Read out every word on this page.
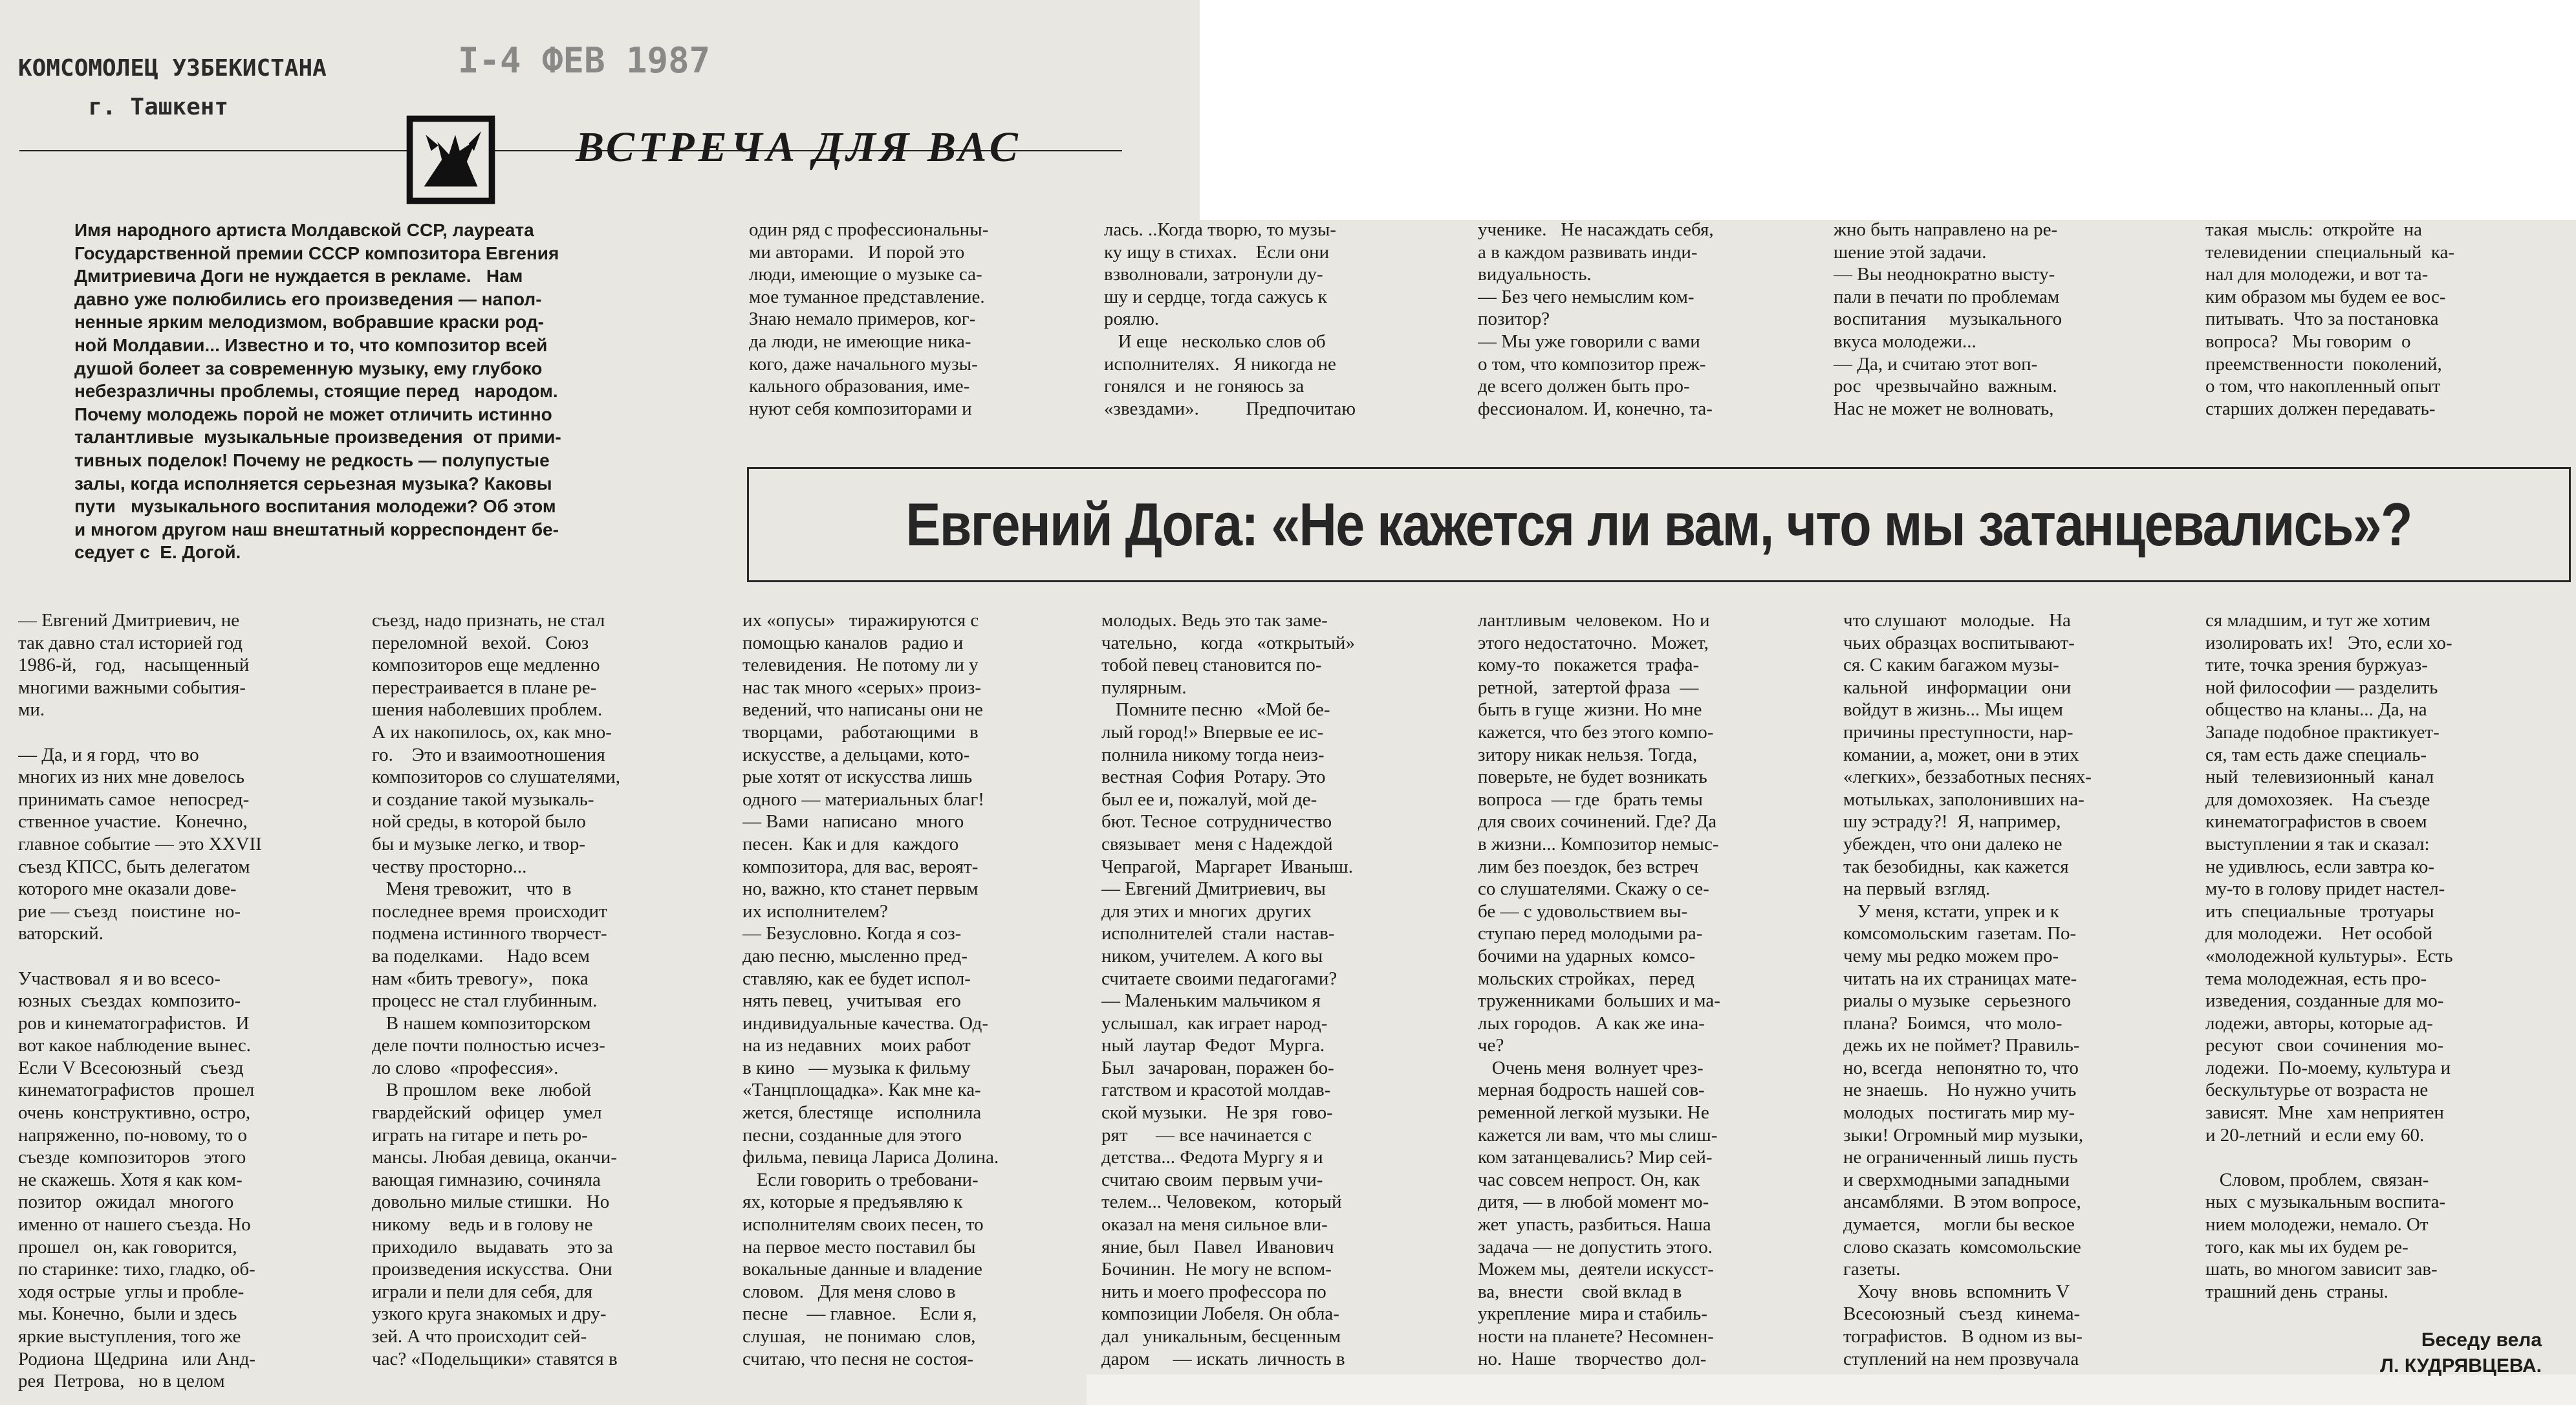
КОМСОМОЛЕЦ УЗБЕКИСТАНА
г. Ташкент
I-4 ФЕВ 1987
ВСТРЕЧА ДЛЯ ВАС
Имя народного артиста Молдавской ССР, лауреата
Государственной премии СССР композитора Евгения
Дмитриевича Доги не нуждается в рекламе.   Нам
давно уже полюбились его произведения — напол-
ненные ярким мелодизмом, вобравшие краски род-
ной Молдавии... Известно и то, что композитор всей
душой болеет за современную музыку, ему глубоко
небезразличны проблемы, стоящие перед   народом.
Почему молодежь порой не может отличить истинно
талантливые  музыкальные произведения  от прими-
тивных поделок! Почему не редкость — полупустые
залы, когда исполняется серьезная музыка? Каковы
пути   музыкального воспитания молодежи? Об этом
и многом другом наш внештатный корреспондент бе-
седует с  Е. Догой.
один ряд с профессиональны-
ми авторами.   И порой это
люди, имеющие о музыке са-
мое туманное представление.
Знаю немало примеров, ког-
да люди, не имеющие ника-
кого, даже начального музы-
кального образования, име-
нуют себя композиторами и
лась. ..Когда творю, то музы-
ку ищу в стихах.    Если они
взволновали, затронули ду-
шу и сердце, тогда сажусь к
роялю.
И еще   несколько слов об
исполнителях.   Я никогда не
гонялся  и  не гоняюсь за
«звездами».          Предпочитаю
ученике.   Не насаждать себя,
а в каждом развивать инди-
видуальность.
— Без чего немыслим ком-
позитор?
— Мы уже говорили с вами
о том, что композитор преж-
де всего должен быть про-
фессионалом. И, конечно, та-
жно быть направлено на ре-
шение этой задачи.
— Вы неоднократно высту-
пали в печати по проблемам
воспитания     музыкального
вкуса молодежи...
— Да, и считаю этот воп-
рос   чрезвычайно  важным.
Нас не может не волновать,
такая  мысль:  откройте  на
телевидении  специальный  ка-
нал для молодежи, и вот та-
ким образом мы будем ее вос-
питывать.  Что за постановка
вопроса?   Мы говорим  о
преемственности  поколений,
о том, что накопленный опыт
старших должен передавать-
Евгений Дога: «Не кажется ли вам, что мы затанцевались»?
— Евгений Дмитриевич, не
так давно стал историей год
1986-й,    год,    насыщенный
многими важными события-
ми.

— Да, и я горд,  что во
многих из них мне довелось
принимать самое   непосред-
ственное участие.   Конечно,
главное событие — это XXVII
съезд КПСС, быть делегатом
которого мне оказали дове-
рие — съезд   поистине  но-
ваторский.

Участвовал  я и во всесо-
юзных  съездах  композито-
ров и кинематографистов.  И
вот какое наблюдение вынес.
Если V Всесоюзный    съезд
кинематографистов    прошел
очень  конструктивно, остро,
напряженно, по-новому, то о
съезде  композиторов   этого
не скажешь. Хотя я как ком-
позитор   ожидал   многого
именно от нашего съезда. Но
прошел   он, как говорится,
по старинке: тихо, гладко, об-
ходя острые  углы и пробле-
мы. Конечно,  были и здесь
яркие выступления, того же
Родиона  Щедрина   или Анд-
рея  Петрова,   но в целом
съезд, надо признать, не стал
переломной   вехой.   Союз
композиторов еще медленно
перестраивается в плане ре-
шения наболевших проблем.
А их накопилось, ох, как мно-
го.    Это и взаимоотношения
композиторов со слушателями,
и создание такой музыкаль-
ной среды, в которой было
бы и музыке легко, и твор-
честву просторно...
Меня тревожит,   что  в
последнее время  происходит
подмена истинного творчест-
ва поделками.     Надо всем
нам «бить тревогу»,    пока
процесс не стал глубинным.
В нашем композиторском
деле почти полностью исчез-
ло слово  «профессия».
В прошлом   веке   любой
гвардейский   офицер    умел
играть на гитаре и петь ро-
мансы. Любая девица, оканчи-
вающая гимназию, сочиняла
довольно милые стишки.   Но
никому    ведь и в голову не
приходило    выдавать    это за
произведения искусства.  Они
играли и пели для себя, для
узкого круга знакомых и дру-
зей. А что происходит сей-
час? «Подельщики» ставятся в
их «опусы»   тиражируются с
помощью каналов   радио и
телевидения.  Не потому ли у
нас так много «серых» произ-
ведений, что написаны они не
творцами,    работающими   в
искусстве, а дельцами, кото-
рые хотят от искусства лишь
одного — материальных благ!
— Вами   написано    много
песен.  Как и для   каждого
композитора, для вас, вероят-
но, важно, кто станет первым
их исполнителем?
— Безусловно. Когда я соз-
даю песню, мысленно пред-
ставляю, как ее будет испол-
нять певец,   учитывая   его
индивидуальные качества. Од-
на из недавних    моих работ
в кино   — музыка к фильму
«Танцплощадка». Как мне ка-
жется, блестяще     исполнила
песни, созданные для этого
фильма, певица Лариса Долина.
Если говорить о требовани-
ях, которые я предъявляю к
исполнителям своих песен, то
на первое место поставил бы
вокальные данные и владение
словом.   Для меня слово в
песне    — главное.     Если я,
слушая,    не понимаю   слов,
считаю, что песня не состоя-
молодых. Ведь это так заме-
чательно,     когда   «открытый»
тобой певец становится по-
пулярным.
Помните песню   «Мой бе-
лый город!» Впервые ее ис-
полнила никому тогда неиз-
вестная  София  Ротару. Это
был ее и, пожалуй, мой де-
бют. Тесное  сотрудничество
связывает   меня с Надеждой
Чепрагой,   Маргарет  Иваныш.
— Евгений Дмитриевич, вы
для этих и многих  других
исполнителей  стали  настав-
ником, учителем. А кого вы
считаете своими педагогами?
— Маленьким мальчиком я
услышал,  как играет народ-
ный  лаутар  Федот   Мурга.
Был   зачарован, поражен бо-
гатством и красотой молдав-
ской музыки.    Не зря   гово-
рят      — все начинается с
детства... Федота Мургу я и
считаю своим  первым учи-
телем... Человеком,    который
оказал на меня сильное вли-
яние, был   Павел   Иванович
Бочинин.  Не могу не вспом-
нить и моего профессора по
композиции Лобеля. Он обла-
дал   уникальным, бесценным
даром     — искать  личность в
лантливым  человеком.  Но и
этого недостаточно.   Может,
кому-то   покажется  трафа-
ретной,   затертой фраза  —
быть в гуще  жизни. Но мне
кажется, что без этого компо-
зитору никак нельзя. Тогда,
поверьте, не будет возникать
вопроса  — где   брать темы
для своих сочинений. Где? Да
в жизни... Композитор немыс-
лим без поездок, без встреч
со слушателями. Скажу о се-
бе — с удовольствием вы-
ступаю перед молодыми ра-
бочими на ударных  комсо-
мольских стройках,   перед
труженниками  больших и ма-
лых городов.   А как же ина-
че?
Очень меня  волнует чрез-
мерная бодрость нашей сов-
ременной легкой музыки. Не
кажется ли вам, что мы слиш-
ком затанцевались? Мир сей-
час совсем непрост. Он, как
дитя, — в любой момент мо-
жет  упасть, разбиться. Наша
задача — не допустить этого.
Можем мы,  деятели искусст-
ва,  внести    свой вклад в
укрепление  мира и стабиль-
ности на планете? Несомнен-
но.  Наше    творчество  дол-
что слушают   молодые.   На
чьих образцах воспитывают-
ся. С каким багажом музы-
кальной    информации   они
войдут в жизнь... Мы ищем
причины преступности, нар-
комании, а, может, они в этих
«легких», беззаботных песнях-
мотыльках, заполонивших на-
шу эстраду?!  Я, например,
убежден, что они далеко не
так безобидны,  как кажется
на первый  взгляд.
У меня, кстати, упрек и к
комсомольским  газетам. По-
чему мы редко можем про-
читать на их страницах мате-
риалы о музыке   серьезного
плана?  Боимся,   что моло-
дежь их не поймет? Правиль-
но, всегда   непонятно то, что
не знаешь.    Но нужно учить
молодых   постигать мир му-
зыки! Огромный мир музыки,
не ограниченный лишь пусть
и сверхмодными западными
ансамблями.  В этом вопросе,
думается,     могли бы веское
слово сказать  комсомольские
газеты.
Хочу   вновь  вспомнить V
Всесоюзный   съезд   кинема-
тографистов.   В одном из вы-
ступлений на нем прозвучала
ся младшим, и тут же хотим
изолировать их!   Это, если хо-
тите, точка зрения буржуаз-
ной философии — разделить
общество на кланы... Да, на
Западе подобное практикует-
ся, там есть даже специаль-
ный   телевизионный   канал
для домохозяек.    На съезде
кинематографистов в своем
выступлении я так и сказал:
не удивлюсь, если завтра ко-
му-то в голову придет настел-
ить  специальные   тротуары
для молодежи.    Нет особой
«молодежной культуры».  Есть
тема молодежная, есть про-
изведения, созданные для мо-
лодежи, авторы, которые ад-
ресуют   свои  сочинения  мо-
лодежи.  По-моему, культура и
бескультурье от возраста не
зависят.  Мне   хам неприятен
и 20-летний  и если ему 60.

Словом, проблем,  связан-
ных  с музыкальным воспита-
нием молодежи, немало. От
того, как мы их будем ре-
шать, во многом зависит зав-
трашний день  страны.
Беседу вела
Л. КУДРЯВЦЕВА.
